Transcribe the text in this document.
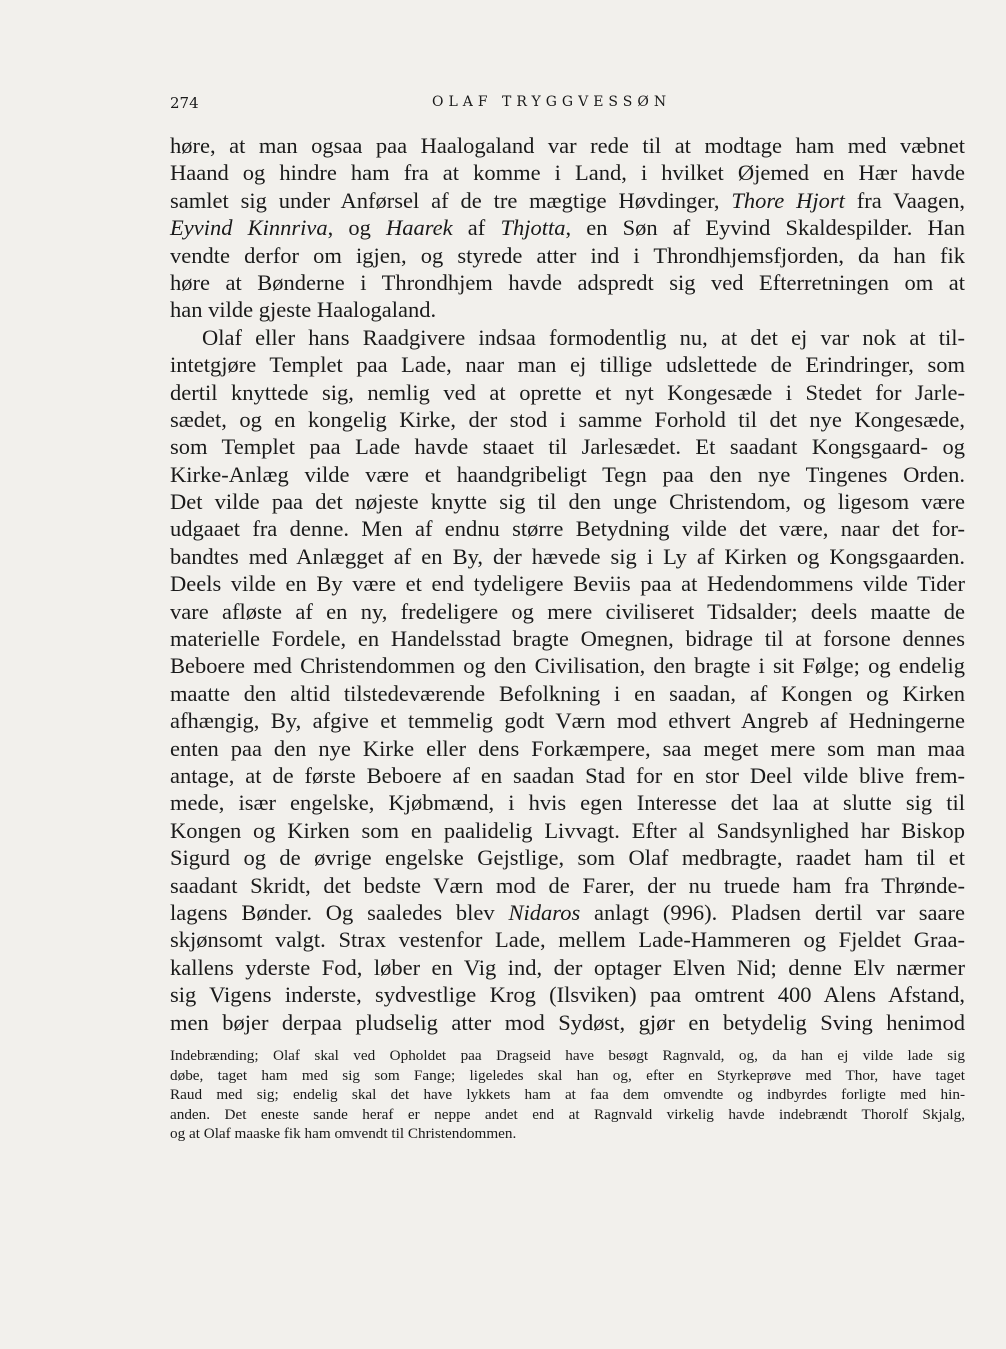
274	OLAF TRYGGVESSØN
høre, at man ogsaa paa Haalogaland var rede til at modtage ham med væbnet
Haand og hindre ham fra at komme i Land, i hvilket Øjemed en Hær havde
samlet sig under Anførsel af de tre mægtige Høvdinger, Thore Hjort fra Vaagen,
Eyvind Kinnriva, og Haarek af Thjotta, en Søn af Eyvind Skaldespilder. Han
vendte derfor om igjen, og styrede atter ind i Throndhjemsfjorden, da han fik
høre at Bønderne i Throndhjem havde adspredt sig ved Efterretningen om at
han vilde gjeste Haalogaland.
Olaf eller hans Raadgivere indsaa formodentlig nu, at det ej var nok at til-
intetgjøre Templet paa Lade, naar man ej tillige udslettede de Erindringer, som
dertil knyttede sig, nemlig ved at oprette et nyt Kongesæde i Stedet for Jarle-
sædet, og en kongelig Kirke, der stod i samme Forhold til det nye Kongesæde,
som Templet paa Lade havde staaet til Jarlesædet. Et saadant Kongsgaard- og
Kirke-Anlæg vilde være et haandgribeligt Tegn paa den nye Tingenes Orden.
Det vilde paa det nøjeste knytte sig til den unge Christendom, og ligesom være
udgaaet fra denne. Men af endnu større Betydning vilde det være, naar det for-
bandtes med Anlægget af en By, der hævede sig i Ly af Kirken og Kongsgaarden.
Deels vilde en By være et end tydeligere Beviis paa at Hedendommens vilde Tider
vare afløste af en ny, fredeligere og mere civiliseret Tidsalder; deels maatte de
materielle Fordele, en Handelsstad bragte Omegnen, bidrage til at forsone dennes
Beboere med Christendommen og den Civilisation, den bragte i sit Følge; og endelig
maatte den altid tilstedeværende Befolkning i en saadan, af Kongen og Kirken
afhængig, By, afgive et temmelig godt Værn mod ethvert Angreb af Hedningerne
enten paa den nye Kirke eller dens Forkæmpere, saa meget mere som man maa
antage, at de første Beboere af en saadan Stad for en stor Deel vilde blive frem-
mede, især engelske, Kjøbmænd, i hvis egen Interesse det laa at slutte sig til
Kongen og Kirken som en paalidelig Livvagt. Efter al Sandsynlighed har Biskop
Sigurd og de øvrige engelske Gejstlige, som Olaf medbragte, raadet ham til et
saadant Skridt, det bedste Værn mod de Farer, der nu truede ham fra Thrønde-
lagens Bønder. Og saaledes blev Nidaros anlagt (996). Pladsen dertil var saare
skjønsomt valgt. Strax vestenfor Lade, mellem Lade-Hammeren og Fjeldet Graa-
kallens yderste Fod, løber en Vig ind, der optager Elven Nid; denne Elv nærmer
sig Vigens inderste, sydvestlige Krog (Ilsviken) paa omtrent 400 Alens Afstand,
men bøjer derpaa pludselig atter mod Sydøst, gjør en betydelig Sving henimod
Indebrænding; Olaf skal ved Opholdet paa Dragseid have besøgt Ragnvald, og, da han ej vilde lade sig
døbe, taget ham med sig som Fange; ligeledes skal han og, efter en Styrkeprøve med Thor, have taget
Raud med sig; endelig skal det have lykkets ham at faa dem omvendte og indbyrdes forligte med hin-
anden. Det eneste sande heraf er neppe andet end at Ragnvald virkelig havde indebrændt Thorolf Skjalg,
og at Olaf maaske fik ham omvendt til Christendommen.
